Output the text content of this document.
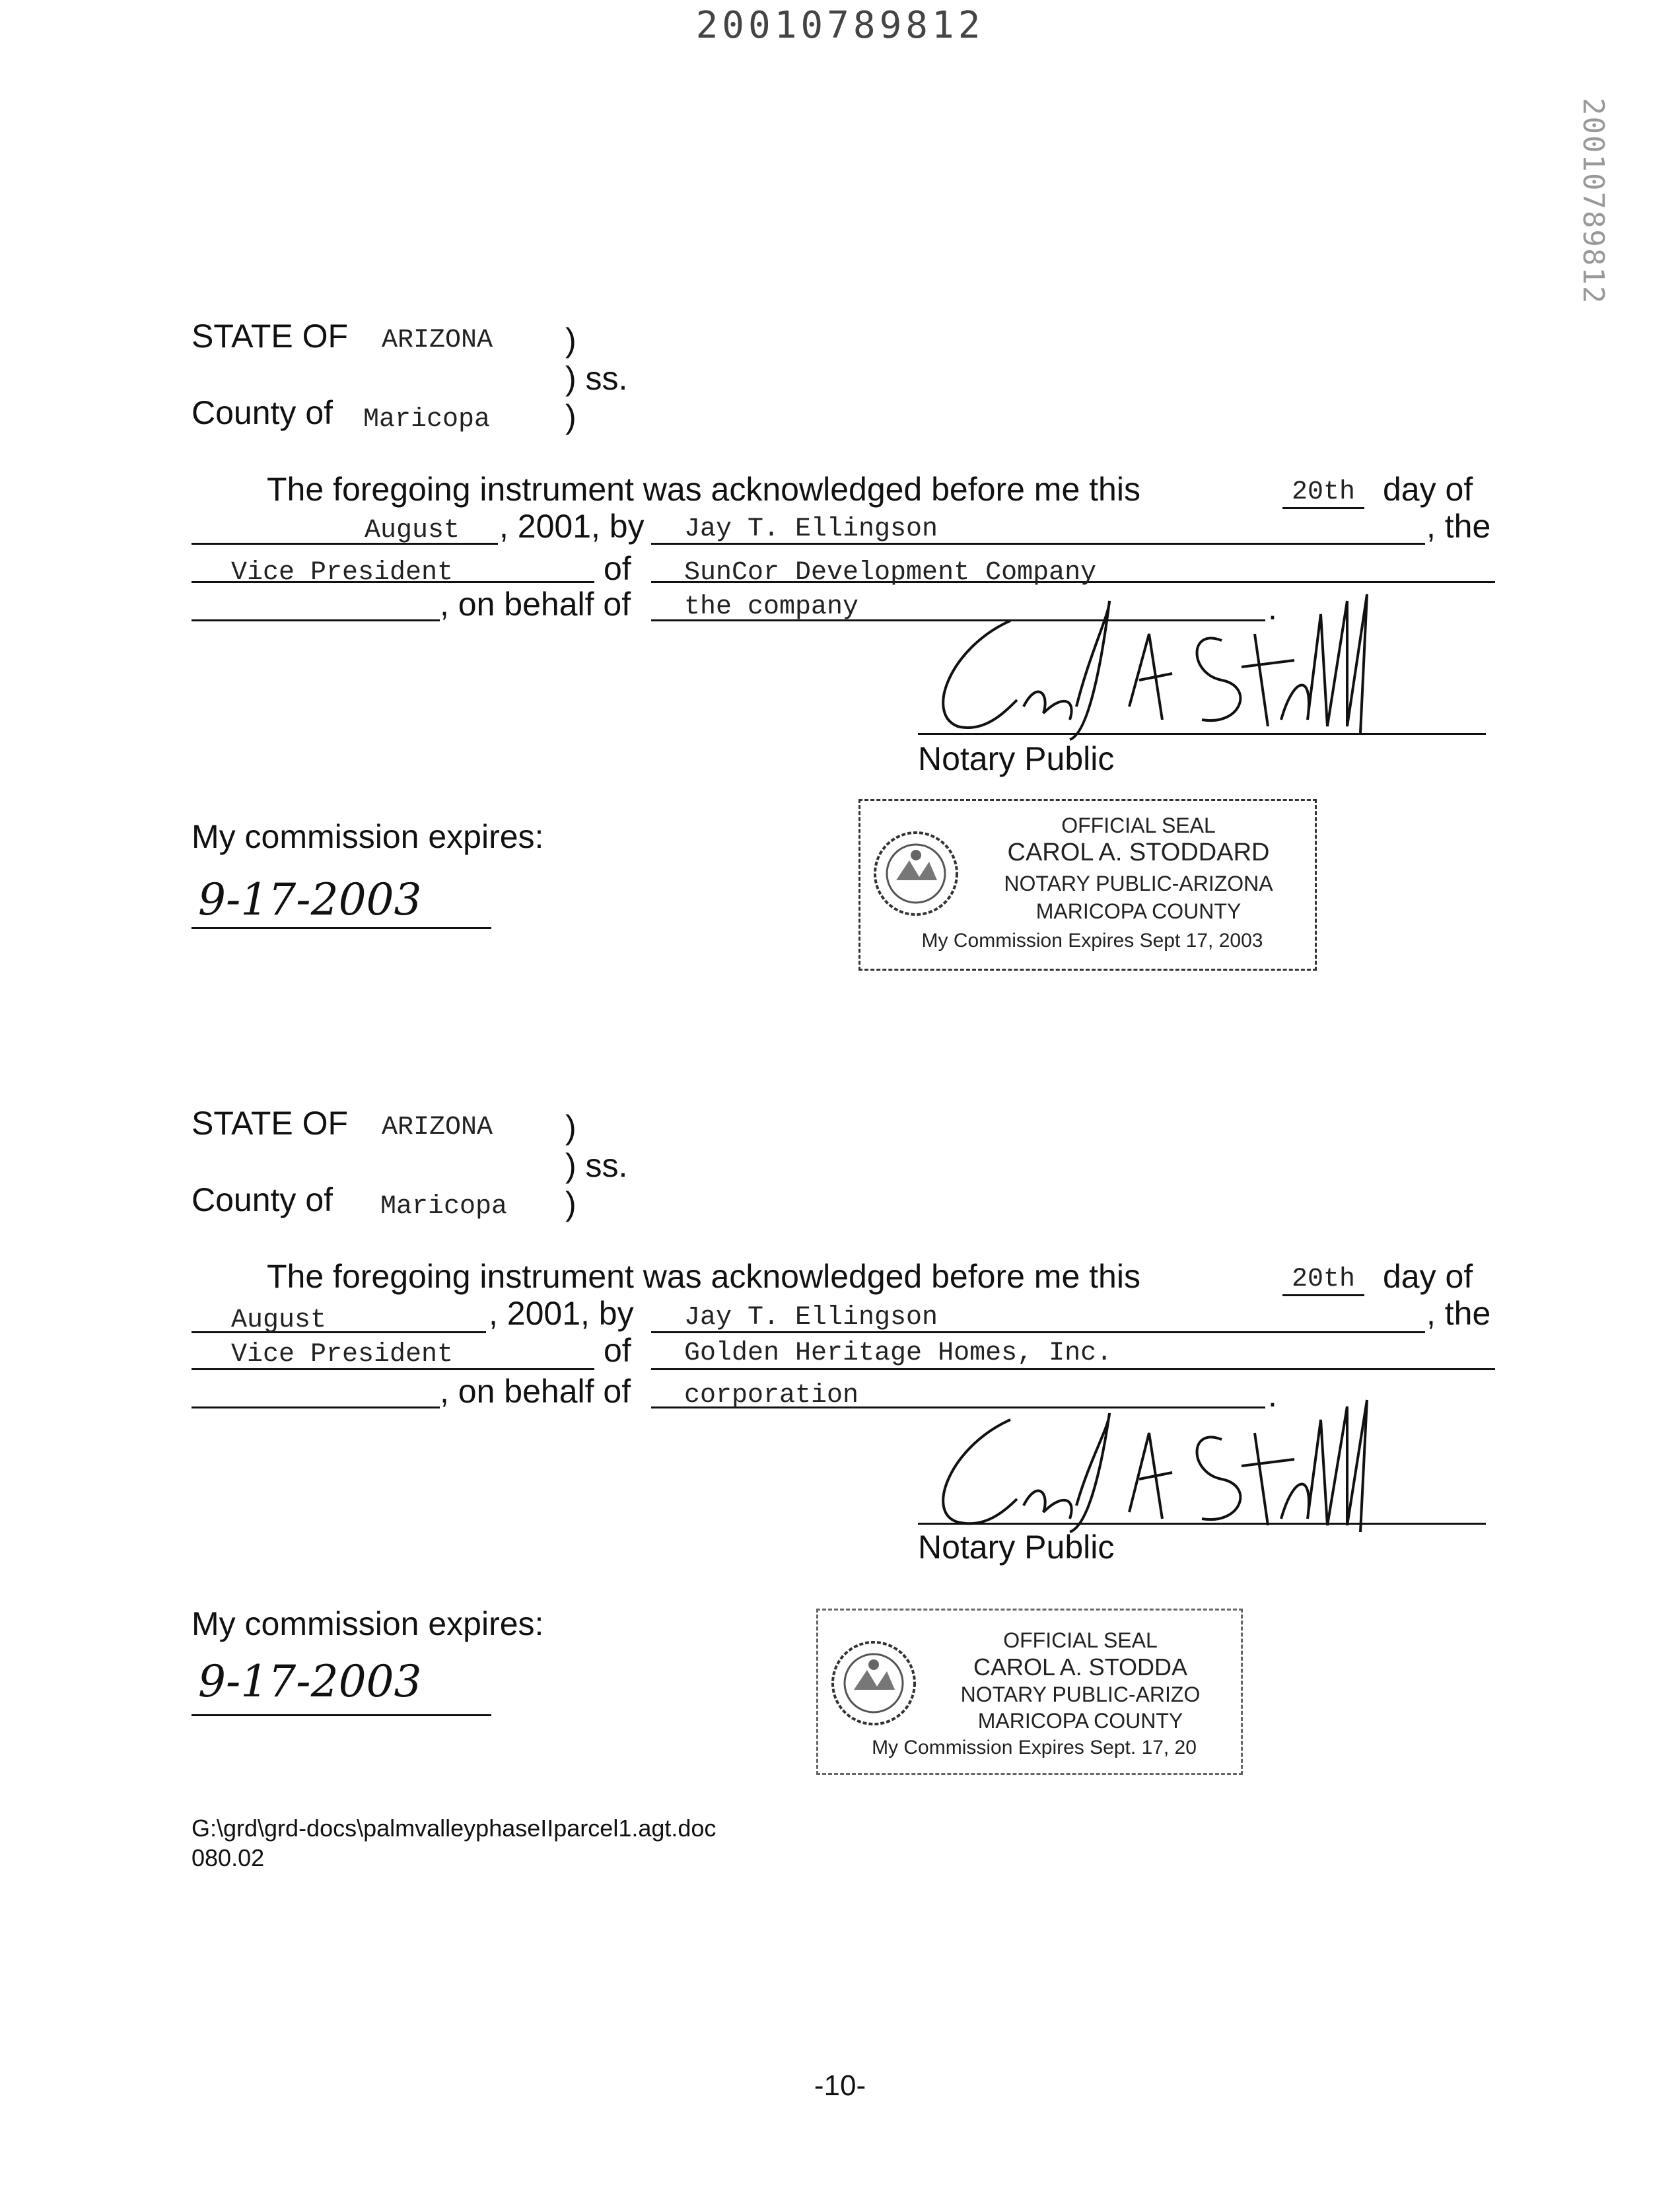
20010789812
20010789812
STATE OF ARIZONA )
) ss.
County of Maricopa )
The foregoing instrument was acknowledged before me this	20th day of
August , 2001, by Jay T. Ellingson	, the
Vice President	of SunCor Development Company
, on behalf of the company	.
Notary Public
My commission expires:
9-17-2003
OFFICIAL SEAL
CAROL A. STODDARD
NOTARY PUBLIC-ARIZONA
MARICOPA COUNTY
My Commission Expires Sept 17, 2003
STATE OF ARIZONA )
) ss.
County of Maricopa )
The foregoing instrument was acknowledged before me this	20th day of
August	, 2001, by Jay T. Ellingson	, the
Vice President	of Golden Heritage Homes, Inc.
, on behalf of corporation	.
Notary Public
My commission expires:
9-17-2003
OFFICIAL SEAL
CAROL A. STODDA
NOTARY PUBLIC-ARIZO
MARICOPA COUNTY
My Commission Expires Sept. 17, 20
G:\grd\grd-docs\palmvalleyphaseIIparcel1.agt.doc
080.02
-10-
